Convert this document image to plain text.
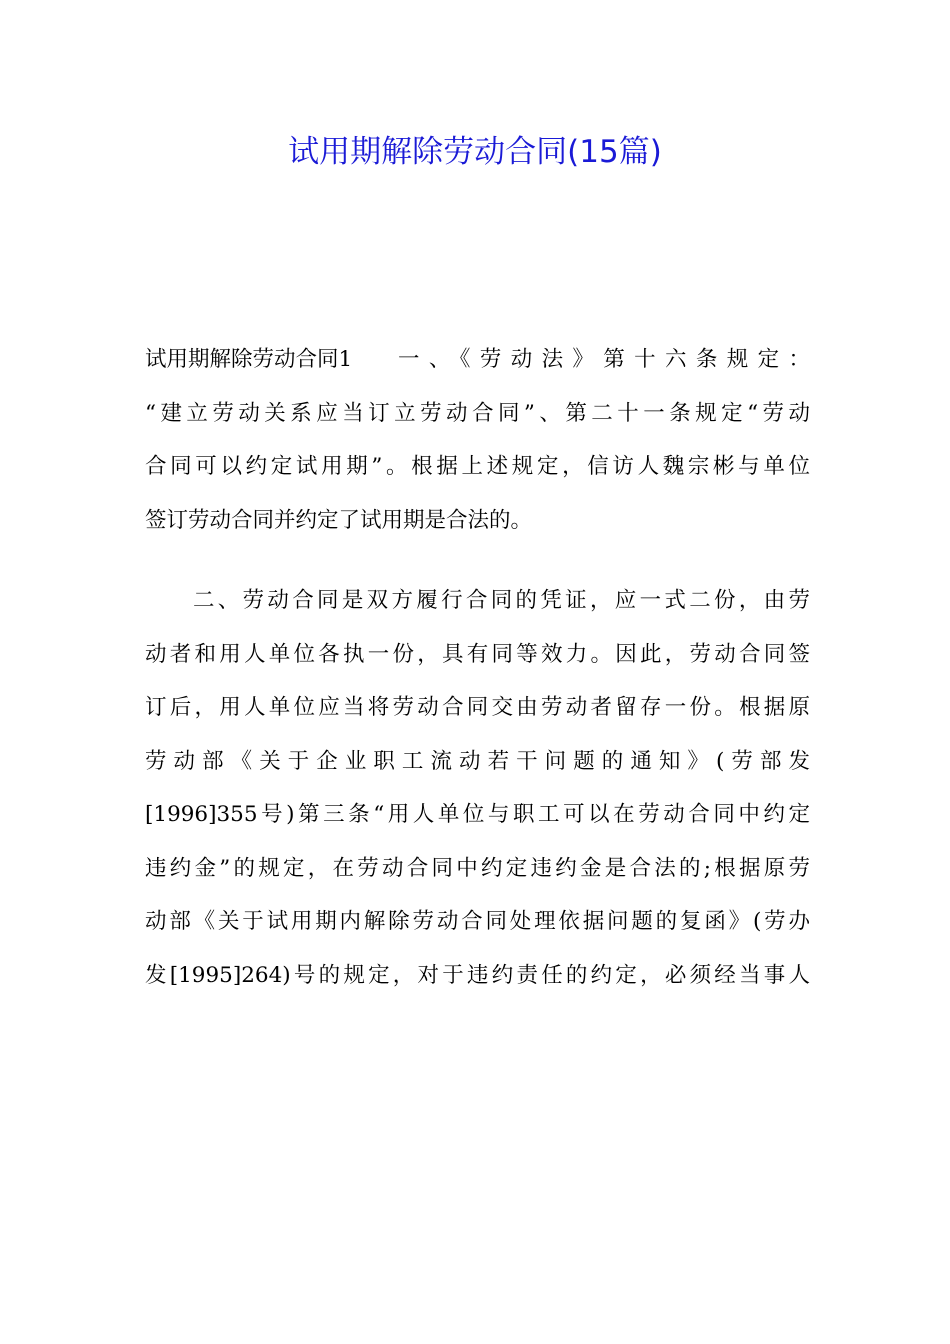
试用期解除劳动合同(15篇)
试用期解除劳动合同1	一、《劳动法》第十六条规定：
“建立劳动关系应当订立劳动合同”、第二十一条规定“劳动
合同可以约定试用期”。根据上述规定，信访人魏宗彬与单位
签订劳动合同并约定了试用期是合法的。
二、劳动合同是双方履行合同的凭证，应一式二份，由劳
动者和用人单位各执一份，具有同等效力。因此，劳动合同签
订后，用人单位应当将劳动合同交由劳动者留存一份。根据原
劳动部《关于企业职工流动若干问题的通知》(劳部发
[1996]355号)第三条“用人单位与职工可以在劳动合同中约定
违约金”的规定，在劳动合同中约定违约金是合法的;根据原劳
动部《关于试用期内解除劳动合同处理依据问题的复函》(劳办
发[1995]264)号的规定，对于违约责任的约定，必须经当事人
